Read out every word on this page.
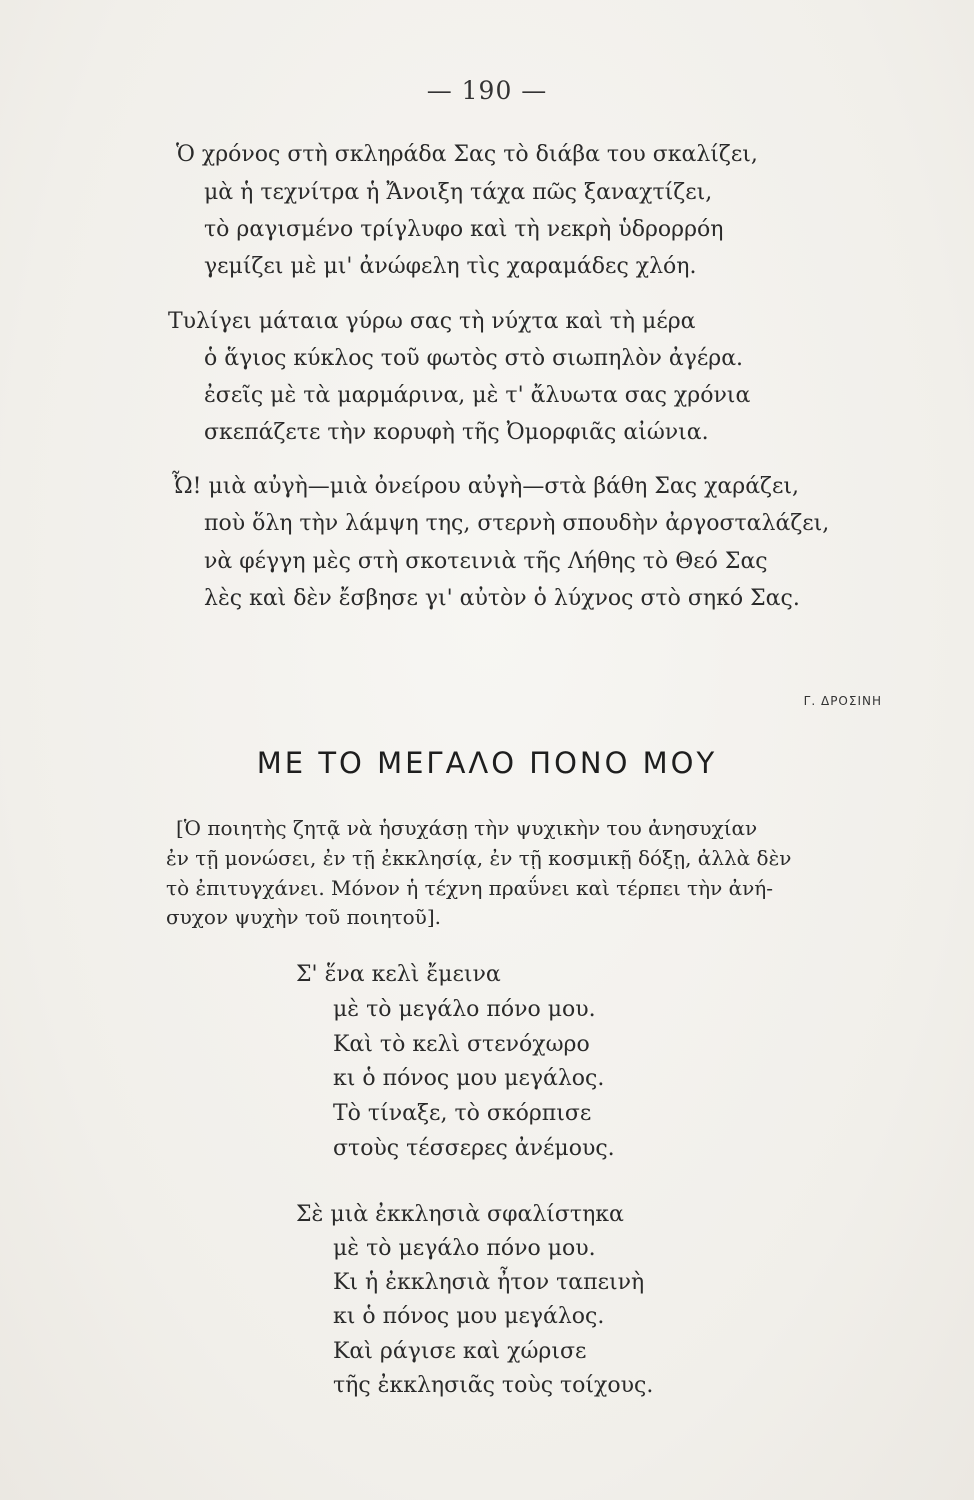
— 190 —
Ὁ χρόνος στὴ σκληράδα Σας τὸ διάβα του σκαλίζει,
μὰ ἡ τεχνίτρα ἡ Ἄνοιξη τάχα πῶς ξαναχτίζει,
τὸ ραγισμένο τρίγλυφο καὶ τὴ νεκρὴ ὑδρορρόη
γεμίζει μὲ μι' ἀνώφελη τὶς χαραμάδες χλόη.
Τυλίγει μάταια γύρω σας τὴ νύχτα καὶ τὴ μέρα
ὁ ἅγιος κύκλος τοῦ φωτὸς στὸ σιωπηλὸν ἀγέρα.
ἐσεῖς μὲ τὰ μαρμάρινα, μὲ τ' ἄλυωτα σας χρόνια
σκεπάζετε τὴν κορυφὴ τῆς Ὀμορφιᾶς αἰώνια.
Ὦ! μιὰ αὐγὴ—μιὰ ὀνείρου αὐγὴ—στὰ βάθη Σας χαράζει,
ποὺ ὅλη τὴν λάμψη της, στερνὴ σπουδὴν ἀργοσταλάζει,
νὰ φέγγη μὲς στὴ σκοτεινιὰ τῆς Λήθης τὸ Θεό Σας
λὲς καὶ δὲν ἔσβησε γι' αὐτὸν ὁ λύχνος στὸ σηκό Σας.
Γ. ΔΡΟΣΙΝΗ
ΜΕ ΤΟ ΜΕΓΑΛΟ ΠΟΝΟ ΜΟΥ
[Ὁ ποιητὴς ζητᾷ νὰ ἡσυχάσῃ τὴν ψυχικὴν του ἀνησυχίαν
ἐν τῇ μονώσει, ἐν τῇ ἐκκλησίᾳ, ἐν τῇ κοσμικῇ δόξῃ, ἀλλὰ δὲν
τὸ ἐπιτυγχάνει. Μόνον ἡ τέχνη πραΰνει καὶ τέρπει τὴν ἀνή-
συχον ψυχὴν τοῦ ποιητοῦ].
Σ' ἕνα κελὶ ἔμεινα
μὲ τὸ μεγάλο πόνο μου.
Καὶ τὸ κελὶ στενόχωρο
κι ὁ πόνος μου μεγάλος.
Τὸ τίναξε, τὸ σκόρπισε
στοὺς τέσσερες ἀνέμους.
Σὲ μιὰ ἐκκλησιὰ σφαλίστηκα
μὲ τὸ μεγάλο πόνο μου.
Κι ἡ ἐκκλησιὰ ἦτον ταπεινὴ
κι ὁ πόνος μου μεγάλος.
Καὶ ράγισε καὶ χώρισε
τῆς ἐκκλησιᾶς τοὺς τοίχους.
